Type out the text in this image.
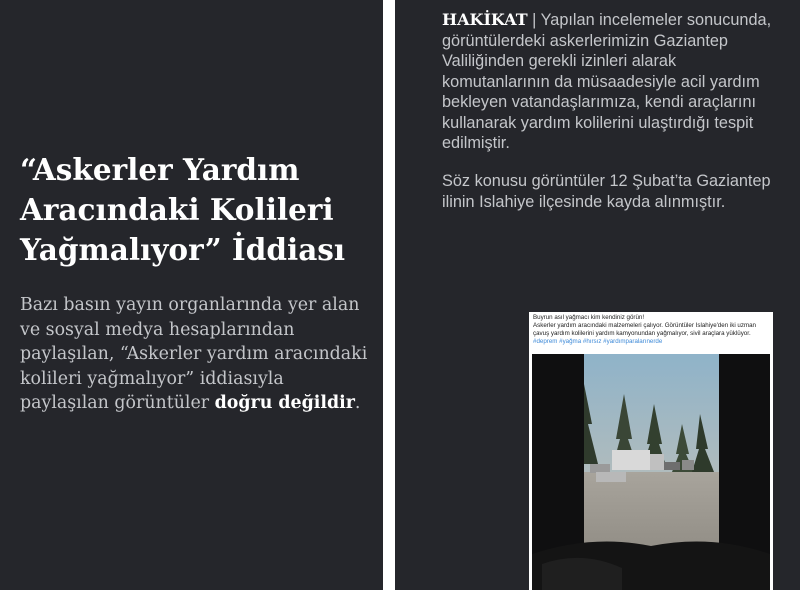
“Askerler Yardım Aracındaki Kolileri Yağmalıyor” İddiası

Bazı basın yayın organlarında yer alan ve sosyal medya hesaplarından paylaşılan, “Askerler yardım aracındaki kolileri yağmalıyor” iddiasıyla paylaşılan görüntüler doğru değildir.

HAKİKAT | Yapılan incelemeler sonucunda, görüntülerdeki askerlerimizin Gaziantep Valiliğinden gerekli izinleri alarak komutanlarının da müsaadesiyle acil yardım bekleyen vatandaşlarımıza, kendi araçlarını kullanarak yardım kolilerini ulaştırdığı tespit edilmiştir.

Söz konusu görüntüler 12 Şubat’ta Gaziantep ilinin Islahiye ilçesinde kayda alınmıştır.

Buyrun asıl yağmacı kim kendiniz görün!
Askerler yardım aracındaki malzemeleri çalıyor. Görüntüler Islahiye'den iki uzman çavuş yardım kolilerini yardım kamyonundan yağmalıyor, sivil araçlara yüklüyor. #deprem #yağma #hırsız #yardımparalarınerde
